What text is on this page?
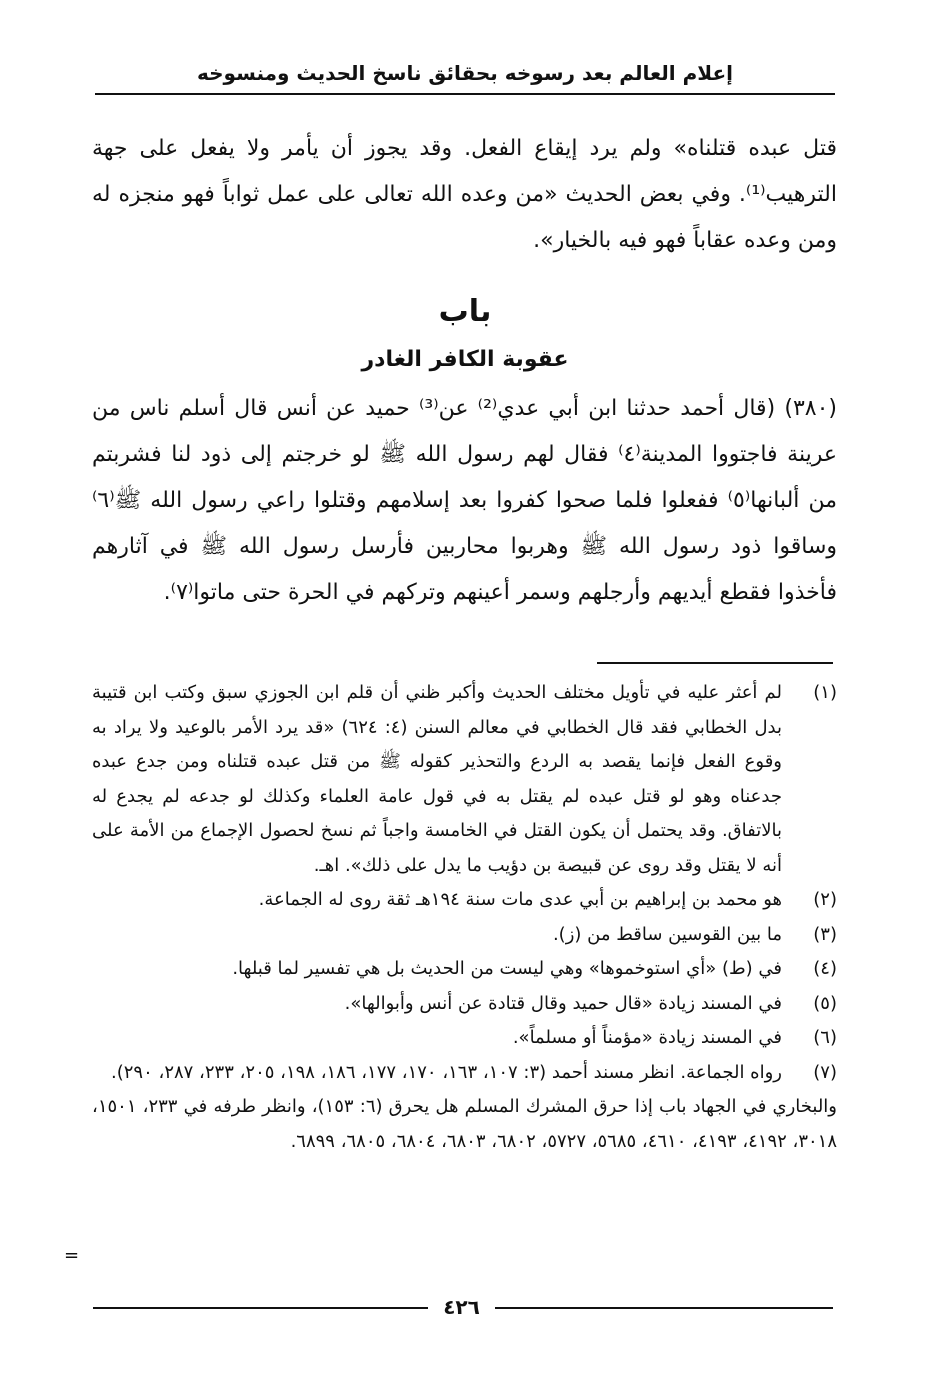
إعلام العالم بعد رسوخه بحقائق ناسخ الحديث ومنسوخه

قتل عبده قتلناه» ولم يرد إيقاع الفعل. وقد يجوز أن يأمر ولا يفعل على جهة الترهيب⁽¹⁾. وفي بعض الحديث «من وعده الله تعالى على عمل ثواباً فهو منجزه له ومن وعده عقاباً فهو فيه بالخيار».

باب
عقوبة الكافر الغادر

(٣٨٠) (قال أحمد حدثنا ابن أبي عدي⁽²⁾ عن⁽³⁾ حميد عن أنس قال أسلم ناس من عرينة فاجتووا المدينة⁽٤⁾ فقال لهم رسول الله ﷺ لو خرجتم إلى ذود لنا فشربتم من ألبانها⁽٥⁾ ففعلوا فلما صحوا كفروا بعد إسلامهم وقتلوا راعي رسول الله ﷺ⁽٦⁾ وساقوا ذود رسول الله ﷺ وهربوا محاربين فأرسل رسول الله ﷺ في آثارهم فأخذوا فقطع أيديهم وأرجلهم وسمر أعينهم وتركهم في الحرة حتى ماتوا⁽٧⁾.

(١)
لم أعثر عليه في تأويل مختلف الحديث وأكبر ظني أن قلم ابن الجوزي سبق وكتب ابن قتيبة بدل الخطابي فقد قال الخطابي في معالم السنن (٤: ٦٢٤) «قد يرد الأمر بالوعيد ولا يراد به وقوع الفعل فإنما يقصد به الردع والتحذير كقوله ﷺ من قتل عبده قتلناه ومن جدع عبده جدعناه وهو لو قتل عبده لم يقتل به في قول عامة العلماء وكذلك لو جدعه لم يجدع له بالاتفاق. وقد يحتمل أن يكون القتل في الخامسة واجباً ثم نسخ لحصول الإجماع من الأمة على أنه لا يقتل وقد روى عن قبيصة بن دؤيب ما يدل على ذلك». اهـ.
(٢)
هو محمد بن إبراهيم بن أبي عدى مات سنة ١٩٤هـ ثقة روى له الجماعة.
(٣)
ما بين القوسين ساقط من (ز).
(٤)
في (ط) «أي استوخموها» وهي ليست من الحديث بل هي تفسير لما قبلها.
(٥)
في المسند زيادة «قال حميد وقال قتادة عن أنس وأبوالها».
(٦)
في المسند زيادة «مؤمناً أو مسلماً».
(٧)
رواه الجماعة. انظر مسند أحمد (٣: ١٠٧، ١٦٣، ١٧٠، ١٧٧، ١٨٦، ١٩٨، ٢٠٥، ٢٣٣، ٢٨٧، ٢٩٠).
والبخاري في الجهاد باب إذا حرق المشرك المسلم هل يحرق (٦: ١٥٣)، وانظر طرفه في ٢٣٣، ١٥٠١، ٣٠١٨، ٤١٩٢، ٤١٩٣، ٤٦١٠، ٥٦٨٥، ٥٧٢٧، ٦٨٠٢، ٦٨٠٣، ٦٨٠٤، ٦٨٠٥، ٦٨٩٩.
=
٤٢٦
